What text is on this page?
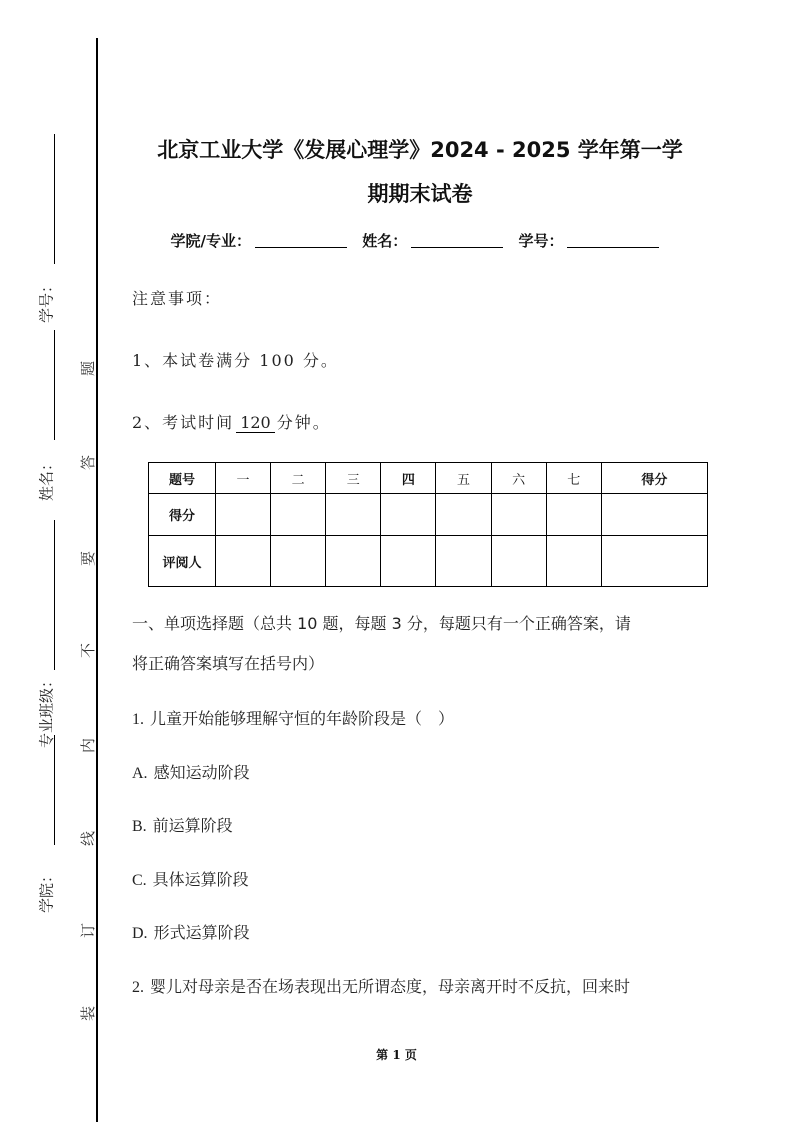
学号：
姓名：
专业班级：
学院：
题
答
要
不
内
线
订
装
北京工业大学《发展心理学》2024 - 2025 学年第一学
期期末试卷
学院/专业：	姓名：	学号：
注意事项：
1、本试卷满分 100 分。
2、考试时间 120 分钟。
题号	一	二	三	四	五	六	七	得分
得分								
评阅人								
一、单项选择题（总共 10 题，每题 3 分，每题只有一个正确答案，请
将正确答案填写在括号内）
1. 儿童开始能够理解守恒的年龄阶段是（　）
A. 感知运动阶段
B. 前运算阶段
C. 具体运算阶段
D. 形式运算阶段
2. 婴儿对母亲是否在场表现出无所谓态度，母亲离开时不反抗，回来时
第 1 页
